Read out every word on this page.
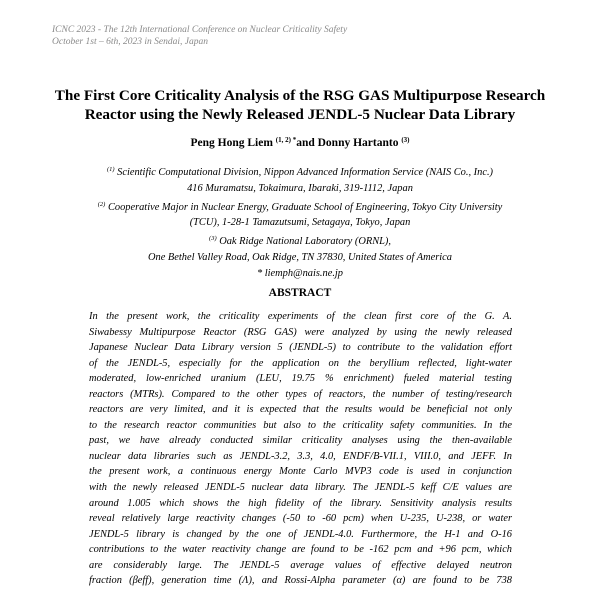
ICNC 2023 - The 12th International Conference on Nuclear Criticality Safety
October 1st – 6th, 2023 in Sendai, Japan
The First Core Criticality Analysis of the RSG GAS Multipurpose Research
Reactor using the Newly Released JENDL-5 Nuclear Data Library
Peng Hong Liem $^{(1, 2) *}$and Donny Hartanto $^{(3)}$
$^{(1)}$ Scientific Computational Division, Nippon Advanced Information Service (NAIS Co., Inc.)
416 Muramatsu, Tokaimura, Ibaraki, 319-1112, Japan
$^{(2)}$ Cooperative Major in Nuclear Energy, Graduate School of Engineering, Tokyo City University
(TCU), 1-28-1 Tamazutsumi, Setagaya, Tokyo, Japan
$^{(3)}$ Oak Ridge National Laboratory (ORNL),
One Bethel Valley Road, Oak Ridge, TN 37830, United States of America
* liemph@nais.ne.jp
ABSTRACT
In the present work, the criticality experiments of the clean first core of the G. A.
Siwabessy Multipurpose Reactor (RSG GAS) were analyzed by using the newly released
Japanese Nuclear Data Library version 5 (JENDL-5) to contribute to the validation effort
of the JENDL-5, especially for the application on the beryllium reflected, light-water
moderated, low-enriched uranium (LEU, 19.75 % enrichment) fueled material testing
reactors (MTRs). Compared to the other types of reactors, the number of testing/research
reactors are very limited, and it is expected that the results would be beneficial not only
to the research reactor communities but also to the criticality safety communities. In the
past, we have already conducted similar criticality analyses using the then-available
nuclear data libraries such as JENDL-3.2, 3.3, 4.0, ENDF/B-VII.1, VIII.0, and JEFF. In
the present work, a continuous energy Monte Carlo MVP3 code is used in conjunction
with the newly released JENDL-5 nuclear data library. The JENDL-5 keff C/E values are
around 1.005 which shows the high fidelity of the library. Sensitivity analysis results
reveal relatively large reactivity changes (-50 to -60 pcm) when U-235, U-238, or water
JENDL-5 library is changed by the one of JENDL-4.0. Furthermore, the H-1 and O-16
contributions to the water reactivity change are found to be -162 pcm and +96 pcm, which
are considerably large. The JENDL-5 average values of effective delayed neutron
fraction (βeff), generation time (Λ), and Rossi-Alpha parameter (α) are found to be 738
